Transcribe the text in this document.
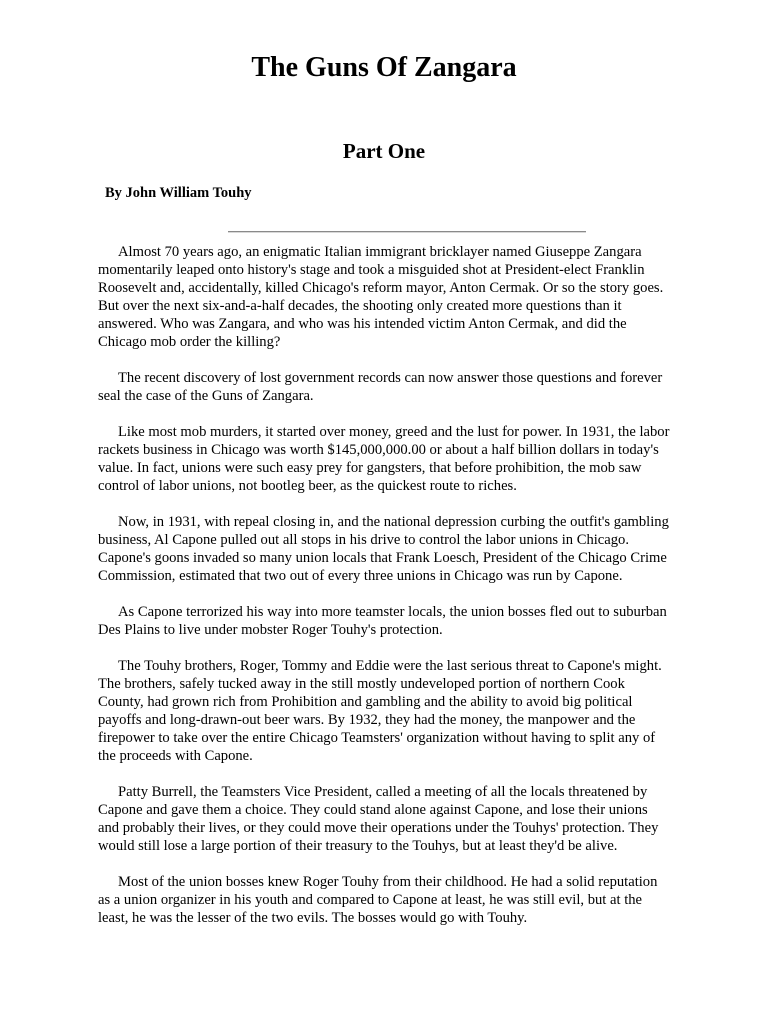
The Guns Of Zangara
Part One

By John William Touhy

Almost 70 years ago, an enigmatic Italian immigrant bricklayer named Giuseppe Zangara momentarily leaped onto history's stage and took a misguided shot at President-elect Franklin Roosevelt and, accidentally, killed Chicago's reform mayor, Anton Cermak. Or so the story goes. But over the next six-and-a-half decades, the shooting only created more questions than it answered. Who was Zangara, and who was his intended victim Anton Cermak, and did the Chicago mob order the killing?

The recent discovery of lost government records can now answer those questions and forever seal the case of the Guns of Zangara.

Like most mob murders, it started over money, greed and the lust for power. In 1931, the labor rackets business in Chicago was worth $145,000,000.00 or about a half billion dollars in today's value. In fact, unions were such easy prey for gangsters, that before prohibition, the mob saw control of labor unions, not bootleg beer, as the quickest route to riches.

Now, in 1931, with repeal closing in, and the national depression curbing the outfit's gambling business, Al Capone pulled out all stops in his drive to control the labor unions in Chicago. Capone's goons invaded so many union locals that Frank Loesch, President of the Chicago Crime Commission, estimated that two out of every three unions in Chicago was run by Capone.

As Capone terrorized his way into more teamster locals, the union bosses fled out to suburban Des Plains to live under mobster Roger Touhy's protection.

The Touhy brothers, Roger, Tommy and Eddie were the last serious threat to Capone's might. The brothers, safely tucked away in the still mostly undeveloped portion of northern Cook County, had grown rich from Prohibition and gambling and the ability to avoid big political payoffs and long-drawn-out beer wars. By 1932, they had the money, the manpower and the firepower to take over the entire Chicago Teamsters' organization without having to split any of the proceeds with Capone.

Patty Burrell, the Teamsters Vice President, called a meeting of all the locals threatened by Capone and gave them a choice. They could stand alone against Capone, and lose their unions and probably their lives, or they could move their operations under the Touhys' protection. They would still lose a large portion of their treasury to the Touhys, but at least they'd be alive.

Most of the union bosses knew Roger Touhy from their childhood. He had a solid reputation as a union organizer in his youth and compared to Capone at least, he was still evil, but at the least, he was the lesser of the two evils. The bosses would go with Touhy.
